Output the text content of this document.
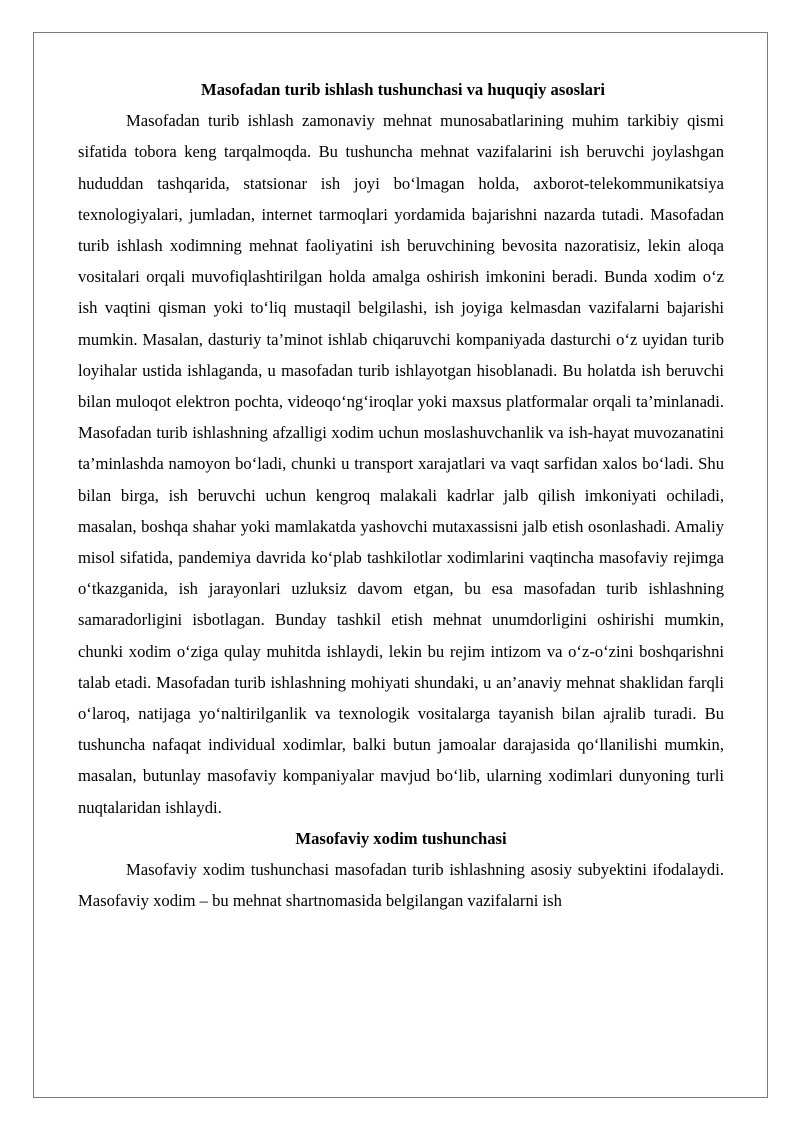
Masofadan turib ishlash tushunchasi va huquqiy asoslari

Masofadan turib ishlash zamonaviy mehnat munosabatlarining muhim tarkibiy qismi sifatida tobora keng tarqalmoqda. Bu tushuncha mehnat vazifalarini ish beruvchi joylashgan hududdan tashqarida, statsionar ish joyi bo‘lmagan holda, axborot-telekommunikatsiya texnologiyalari, jumladan, internet tarmoqlari yordamida bajarishni nazarda tutadi. Masofadan turib ishlash xodimning mehnat faoliyatini ish beruvchining bevosita nazoratisiz, lekin aloqa vositalari orqali muvofiqlashtirilgan holda amalga oshirish imkonini beradi. Bunda xodim o‘z ish vaqtini qisman yoki to‘liq mustaqil belgilashi, ish joyiga kelmasdan vazifalarni bajarishi mumkin. Masalan, dasturiy ta’minot ishlab chiqaruvchi kompaniyada dasturchi o‘z uyidan turib loyihalar ustida ishlaganda, u masofadan turib ishlayotgan hisoblanadi. Bu holatda ish beruvchi bilan muloqot elektron pochta, videoqo‘ng‘iroqlar yoki maxsus platformalar orqali ta’minlanadi. Masofadan turib ishlashning afzalligi xodim uchun moslashuvchanlik va ish-hayat muvozanatini ta’minlashda namoyon bo‘ladi, chunki u transport xarajatlari va vaqt sarfidan xalos bo‘ladi. Shu bilan birga, ish beruvchi uchun kengroq malakali kadrlar jalb qilish imkoniyati ochiladi, masalan, boshqa shahar yoki mamlakatda yashovchi mutaxassisni jalb etish osonlashadi. Amaliy misol sifatida, pandemiya davrida ko‘plab tashkilotlar xodimlarini vaqtincha masofaviy rejimga o‘tkazganida, ish jarayonlari uzluksiz davom etgan, bu esa masofadan turib ishlashning samaradorligini isbotlagan. Bunday tashkil etish mehnat unumdorligini oshirishi mumkin, chunki xodim o‘ziga qulay muhitda ishlaydi, lekin bu rejim intizom va o‘z-o‘zini boshqarishni talab etadi. Masofadan turib ishlashning mohiyati shundaki, u an’anaviy mehnat shaklidan farqli o‘laroq, natijaga yo‘naltirilganlik va texnologik vositalarga tayanish bilan ajralib turadi. Bu tushuncha nafaqat individual xodimlar, balki butun jamoalar darajasida qo‘llanilishi mumkin, masalan, butunlay masofaviy kompaniyalar mavjud bo‘lib, ularning xodimlari dunyoning turli nuqtalaridan ishlaydi.

Masofaviy xodim tushunchasi

Masofaviy xodim tushunchasi masofadan turib ishlashning asosiy subyektini ifodalaydi. Masofaviy xodim – bu mehnat shartnomasida belgilangan vazifalarni ish
